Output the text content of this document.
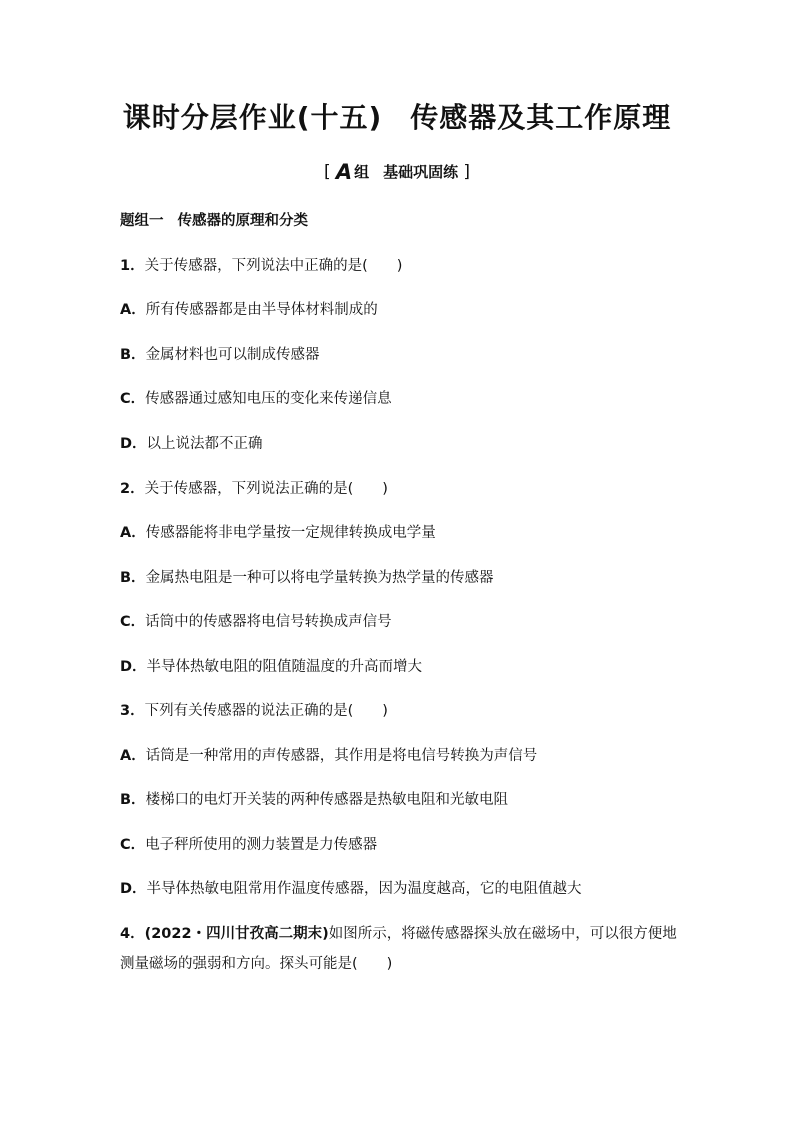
课时分层作业(十五) 传感器及其工作原理
[ A 组 基础巩固练 ]
题组一 传感器的原理和分类
1．关于传感器，下列说法中正确的是(　　)
A．所有传感器都是由半导体材料制成的
B．金属材料也可以制成传感器
C．传感器通过感知电压的变化来传递信息
D．以上说法都不正确
2．关于传感器，下列说法正确的是(　　)
A．传感器能将非电学量按一定规律转换成电学量
B．金属热电阻是一种可以将电学量转换为热学量的传感器
C．话筒中的传感器将电信号转换成声信号
D．半导体热敏电阻的阻值随温度的升高而增大
3．下列有关传感器的说法正确的是(　　)
A．话筒是一种常用的声传感器，其作用是将电信号转换为声信号
B．楼梯口的电灯开关装的两种传感器是热敏电阻和光敏电阻
C．电子秤所使用的测力装置是力传感器
D．半导体热敏电阻常用作温度传感器，因为温度越高，它的电阻值越大
4．(2022・四川甘孜高二期末)如图所示，将磁传感器探头放在磁场中，可以很方便地测量磁场的强弱和方向。探头可能是(　　)
